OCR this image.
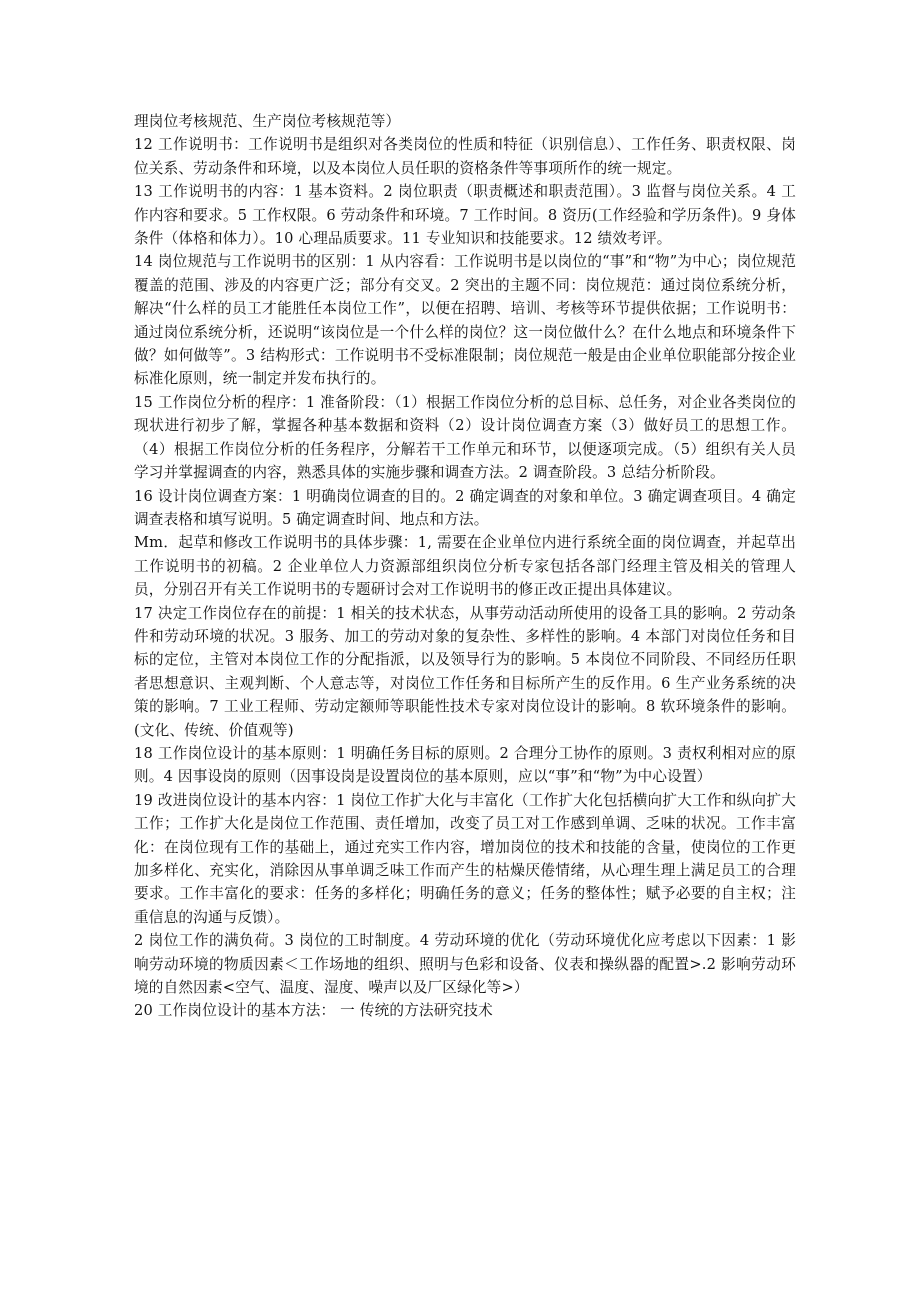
理岗位考核规范、生产岗位考核规范等）

12 工作说明书：工作说明书是组织对各类岗位的性质和特征（识别信息）、工作任务、职责权限、岗位关系、劳动条件和环境，以及本岗位人员任职的资格条件等事项所作的统一规定。

13 工作说明书的内容：1 基本资料。2 岗位职责（职责概述和职责范围）。3 监督与岗位关系。4 工作内容和要求。5 工作权限。6 劳动条件和环境。7 工作时间。8 资历(工作经验和学历条件)。9 身体条件（体格和体力）。10 心理品质要求。11 专业知识和技能要求。12 绩效考评。

14 岗位规范与工作说明书的区别：1 从内容看：工作说明书是以岗位的“事”和“物”为中心；岗位规范覆盖的范围、涉及的内容更广泛；部分有交叉。2 突出的主题不同：岗位规范：通过岗位系统分析，解决“什么样的员工才能胜任本岗位工作”，以便在招聘、培训、考核等环节提供依据；工作说明书：通过岗位系统分析，还说明“该岗位是一个什么样的岗位？这一岗位做什么？在什么地点和环境条件下做？如何做等”。3 结构形式：工作说明书不受标准限制；岗位规范一般是由企业单位职能部分按企业标准化原则，统一制定并发布执行的。

15 工作岗位分析的程序：1 准备阶段：（1）根据工作岗位分析的总目标、总任务，对企业各类岗位的现状进行初步了解，掌握各种基本数据和资料（2）设计岗位调查方案（3）做好员工的思想工作。（4）根据工作岗位分析的任务程序，分解若干工作单元和环节，以便逐项完成。（5）组织有关人员学习并掌握调查的内容，熟悉具体的实施步骤和调查方法。2 调查阶段。3 总结分析阶段。

16 设计岗位调查方案：1 明确岗位调查的目的。2 确定调查的对象和单位。3 确定调查项目。4 确定调查表格和填写说明。5 确定调查时间、地点和方法。

Mm．起草和修改工作说明书的具体步骤：1, 需要在企业单位内进行系统全面的岗位调查，并起草出工作说明书的初稿。2 企业单位人力资源部组织岗位分析专家包括各部门经理主管及相关的管理人员，分别召开有关工作说明书的专题研讨会对工作说明书的修正改正提出具体建议。

17 决定工作岗位存在的前提：1 相关的技术状态，从事劳动活动所使用的设备工具的影响。2 劳动条件和劳动环境的状况。3 服务、加工的劳动对象的复杂性、多样性的影响。4 本部门对岗位任务和目标的定位，主管对本岗位工作的分配指派，以及领导行为的影响。5 本岗位不同阶段、不同经历任职者思想意识、主观判断、个人意志等，对岗位工作任务和目标所产生的反作用。6 生产业务系统的决策的影响。7 工业工程师、劳动定额师等职能性技术专家对岗位设计的影响。8 软环境条件的影响。(文化、传统、价值观等)

18 工作岗位设计的基本原则：1 明确任务目标的原则。2 合理分工协作的原则。3 责权利相对应的原则。4 因事设岗的原则（因事设岗是设置岗位的基本原则，应以“事”和“物”为中心设置）

19 改进岗位设计的基本内容：1 岗位工作扩大化与丰富化（工作扩大化包括横向扩大工作和纵向扩大工作；工作扩大化是岗位工作范围、责任增加，改变了员工对工作感到单调、乏味的状况。工作丰富化：在岗位现有工作的基础上，通过充实工作内容，增加岗位的技术和技能的含量，使岗位的工作更加多样化、充实化，消除因从事单调乏味工作而产生的枯燥厌倦情绪，从心理生理上满足员工的合理要求。工作丰富化的要求：任务的多样化；明确任务的意义；任务的整体性；赋予必要的自主权；注重信息的沟通与反馈）。

2 岗位工作的满负荷。3 岗位的工时制度。4 劳动环境的优化（劳动环境优化应考虑以下因素：1 影响劳动环境的物质因素＜工作场地的组织、照明与色彩和设备、仪表和操纵器的配置>.2 影响劳动环境的自然因素<空气、温度、湿度、噪声以及厂区绿化等>）

20 工作岗位设计的基本方法： 一 传统的方法研究技术
